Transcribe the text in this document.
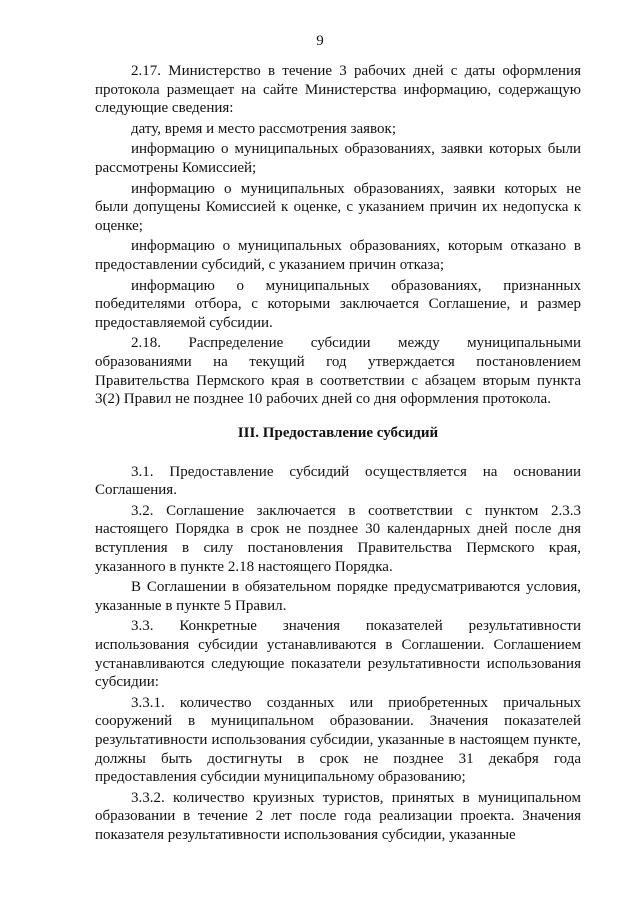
9

2.17. Министерство в течение 3 рабочих дней с даты оформления протокола размещает на сайте Министерства информацию, содержащую следующие сведения:

дату, время и место рассмотрения заявок;

информацию о муниципальных образованиях, заявки которых были рассмотрены Комиссией;

информацию о муниципальных образованиях, заявки которых не были допущены Комиссией к оценке, с указанием причин их недопуска к оценке;

информацию о муниципальных образованиях, которым отказано в предоставлении субсидий, с указанием причин отказа;

информацию о муниципальных образованиях, признанных победителями отбора, с которыми заключается Соглашение, и размер предоставляемой субсидии.

2.18. Распределение субсидии между муниципальными образованиями на текущий год утверждается постановлением Правительства Пермского края в соответствии с абзацем вторым пункта 3(2) Правил не позднее 10 рабочих дней со дня оформления протокола.

III. Предоставление субсидий

3.1. Предоставление субсидий осуществляется на основании Соглашения.

3.2. Соглашение заключается в соответствии с пунктом 2.3.3 настоящего Порядка в срок не позднее 30 календарных дней после дня вступления в силу постановления Правительства Пермского края, указанного в пункте 2.18 настоящего Порядка.

В Соглашении в обязательном порядке предусматриваются условия, указанные в пункте 5 Правил.

3.3. Конкретные значения показателей результативности использования субсидии устанавливаются в Соглашении. Соглашением устанавливаются следующие показатели результативности использования субсидии:

3.3.1. количество созданных или приобретенных причальных сооружений в муниципальном образовании. Значения показателей результативности использования субсидии, указанные в настоящем пункте, должны быть достигнуты в срок не позднее 31 декабря года предоставления субсидии муниципальному образованию;

3.3.2. количество круизных туристов, принятых в муниципальном образовании в течение 2 лет после года реализации проекта. Значения показателя результативности использования субсидии, указанные
